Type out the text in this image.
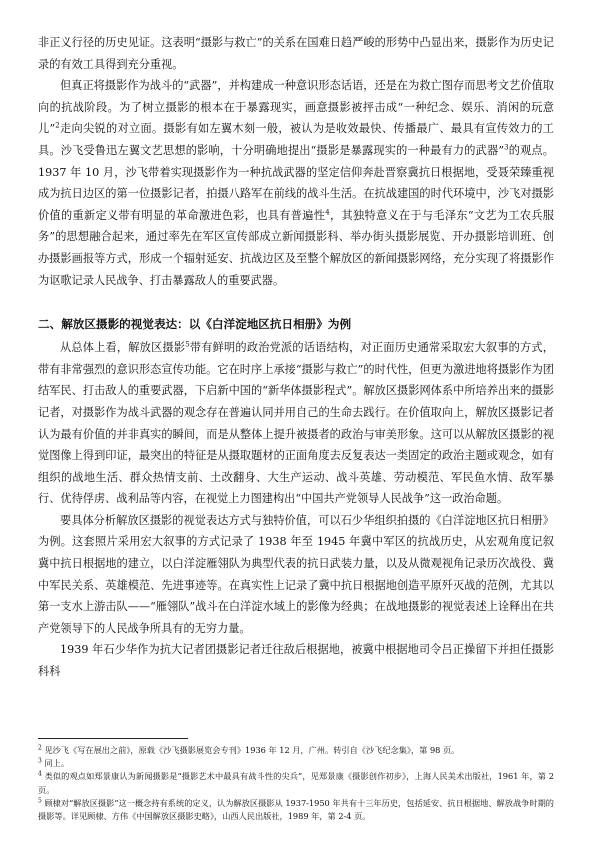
非正义行径的历史见证。这表明“摄影与救亡”的关系在国难日趋严峻的形势中凸显出来，摄影作为历史记录的有效工具得到充分重视。

但真正将摄影作为战斗的“武器”，并构建成一种意识形态话语，还是在为救亡图存而思考文艺价值取向的抗战阶段。为了树立摄影的根本在于暴露现实，画意摄影被抨击成“一种纪念、娱乐、消闲的玩意儿”$^2$走向尖锐的对立面。摄影有如左翼木刻一般，被认为是收效最快、传播最广、最具有宣传效力的工具。沙飞受鲁迅左翼文艺思想的影响，十分明确地提出“摄影是暴露现实的一种最有力的武器”$^3$的观点。1937 年 10 月，沙飞带着实现摄影作为一种抗战武器的坚定信仰奔赴晋察冀抗日根据地，受聂荣臻重视成为抗日边区的第一位摄影记者，拍摄八路军在前线的战斗生活。在抗战建国的时代环境中，沙飞对摄影价值的重新定义带有明显的革命激进色彩，也具有普遍性$^4$，其独特意义在于与毛泽东“文艺为工农兵服务”的思想融合起来，通过率先在军区宣传部成立新闻摄影科、举办街头摄影展览、开办摄影培训班、创办摄影画报等方式，形成一个辐射延安、抗战边区及至整个解放区的新闻摄影网络，充分实现了将摄影作为讴歌记录人民战争、打击暴露敌人的重要武器。

二、解放区摄影的视觉表达：以《白洋淀地区抗日相册》为例

从总体上看，解放区摄影$^5$带有鲜明的政治党派的话语结构，对正面历史通常采取宏大叙事的方式，带有非常强烈的意识形态宣传功能。它在时序上承接“摄影与救亡”的时代性，但更为激进地将摄影作为团结军民、打击敌人的重要武器，下启新中国的“新华体摄影程式”。解放区摄影网体系中所培养出来的摄影记者，对摄影作为战斗武器的观念存在普遍认同并用自己的生命去践行。在价值取向上，解放区摄影记者认为最有价值的并非真实的瞬间，而是从整体上提升被摄者的政治与审美形象。这可以从解放区摄影的视觉图像上得到印证，最突出的特征是从摄取题材的正面角度去反复表达一类固定的政治主题或观念，如有组织的战地生活、群众热情支前、土改翻身、大生产运动、战斗英雄、劳动模范、军民鱼水情、敌军暴行、优待俘虏、战利品等内容，在视觉上力图建构出“中国共产党领导人民战争”这一政治命题。

要具体分析解放区摄影的视觉表达方式与独特价值，可以石少华组织拍摄的《白洋淀地区抗日相册》为例。这套照片采用宏大叙事的方式记录了 1938 年至 1945 年冀中军区的抗战历史，从宏观角度记叙冀中抗日根据地的建立，以白洋淀雁翎队为典型代表的抗日武装力量，以及从微观视角记录历次战役、冀中军民关系、英雄模范、先进事迹等。在真实性上记录了冀中抗日根据地创造平原歼灭战的范例，尤其以第一支水上游击队——“雁翎队”战斗在白洋淀水域上的影像为经典；在战地摄影的视觉表述上诠释出在共产党领导下的人民战争所具有的无穷力量。

1939 年石少华作为抗大记者团摄影记者迁往敌后根据地，被冀中根据地司令吕正操留下并担任摄影科科

$^2$ 见沙飞《写在展出之前》，原载《沙飞摄影展览会专刊》1936 年 12 月，广州。转引自《沙飞纪念集》，第 98 页。

$^3$ 同上。

$^4$ 类似的观点如郑景康认为新闻摄影是“摄影艺术中最具有战斗性的尖兵”，见郑景康《摄影创作初步》，上海人民美术出版社，1961 年，第 2 页。

$^5$ 顾棣对“解放区摄影”这一概念持有系统的定义，认为解放区摄影从 1937-1950 年共有十三年历史，包括延安、抗日根据地、解放战争时期的摄影等。详见顾棣、方伟《中国解放区摄影史略》，山西人民出版社，1989 年，第 2-4 页。
